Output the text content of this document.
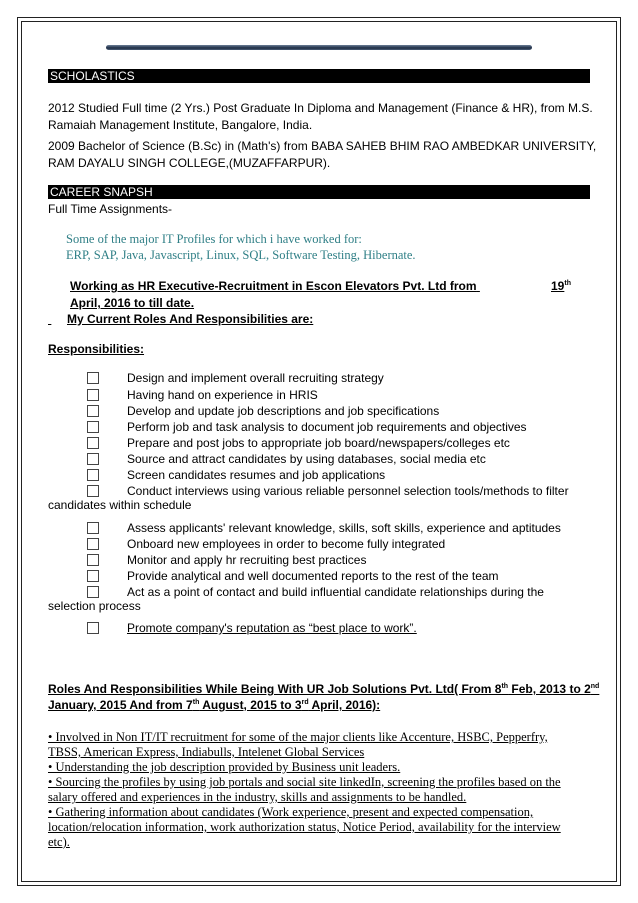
SCHOLASTICS
2012 Studied Full time (2 Yrs.) Post Graduate In Diploma and Management (Finance & HR), from M.S.
Ramaiah Management Institute, Bangalore, India.
2009 Bachelor of Science (B.Sc) in (Math's) from BABA SAHEB BHIM RAO AMBEDKAR UNIVERSITY,
RAM DAYALU SINGH COLLEGE,(MUZAFFARPUR).
CAREER SNAPSH
Full Time Assignments-
Some of the major IT Profiles for which i have worked for:
ERP, SAP, Java, Javascript, Linux, SQL, Software Testing, Hibernate.
Working as HR Executive-Recruitment in Escon Elevators Pvt. Ltd from	19th
April, 2016 to till date.
My Current Roles And Responsibilities are:
Responsibilities:
Design and implement overall recruiting strategy
Having hand on experience in HRIS
Develop and update job descriptions and job specifications
Perform job and task analysis to document job requirements and objectives
Prepare and post jobs to appropriate job board/newspapers/colleges etc
Source and attract candidates by using databases, social media etc
Screen candidates resumes and job applications
Conduct interviews using various reliable personnel selection tools/methods to filter
candidates within schedule
Assess applicants' relevant knowledge, skills, soft skills, experience and aptitudes
Onboard new employees in order to become fully integrated
Monitor and apply hr recruiting best practices
Provide analytical and well documented reports to the rest of the team
Act as a point of contact and build influential candidate relationships during the
selection process
Promote company's reputation as “best place to work”.
Roles And Responsibilities While Being With UR Job Solutions Pvt. Ltd( From 8th Feb, 2013 to 2nd
January, 2015 And from 7th August, 2015 to 3rd April, 2016):
• Involved in Non IT/IT recruitment for some of the major clients like Accenture, HSBC, Pepperfry,
TBSS, American Express, Indiabulls, Intelenet Global Services
• Understanding the job description provided by Business unit leaders.
• Sourcing the profiles by using job portals and social site linkedIn, screening the profiles based on the
salary offered and experiences in the industry, skills and assignments to be handled.
• Gathering information about candidates (Work experience, present and expected compensation,
location/relocation information, work authorization status, Notice Period, availability for the interview
etc).
